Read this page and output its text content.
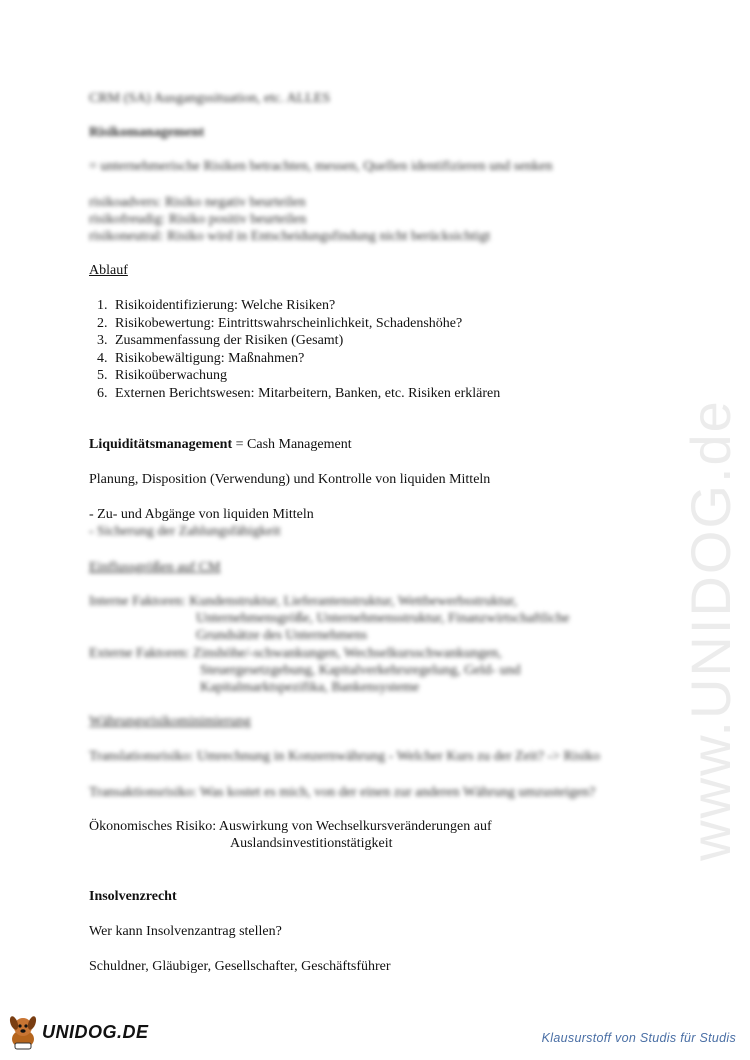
www.UNIDOG.de
CRM (SA) Ausgangssituation, etc. ALLES
Risikomanagement
= unternehmerische Risiken betrachten, messen, Quellen identifizieren und senken
risikoadvers: Risiko negativ beurteilen
risikofreudig: Risiko positiv beurteilen
risikoneutral: Risiko wird in Entscheidungsfindung nicht berücksichtigt
Ablauf
1. Risikoidentifizierung: Welche Risiken?
2. Risikobewertung: Eintrittswahrscheinlichkeit, Schadenshöhe?
3. Zusammenfassung der Risiken (Gesamt)
4. Risikobewältigung: Maßnahmen?
5. Risikoüberwachung
6. Externen Berichtswesen: Mitarbeitern, Banken, etc. Risiken erklären
Liquiditätsmanagement = Cash Management
Planung, Disposition (Verwendung) und Kontrolle von liquiden Mitteln
- Zu- und Abgänge von liquiden Mitteln
- Sicherung der Zahlungsfähigkeit
Einflussgrößen auf CM
Interne Faktoren: Kundenstruktur, Lieferantenstruktur, Wettbewerbsstruktur,
Unternehmensgröße, Unternehmensstruktur, Finanzwirtschaftliche
Grundsätze des Unternehmens
Externe Faktoren: Zinshöhe/-schwankungen, Wechselkursschwankungen,
Steuergesetzgebung, Kapitalverkehrsregelung, Geld- und
Kapitalmarktspezifika, Bankensysteme
Währungsrisikominimierung
Translationsrisiko: Umrechnung in Konzernwährung - Welcher Kurs zu der Zeit? -> Risiko
Transaktionsrisiko: Was kostet es mich, von der einen zur anderen Währung umzusteigen?
Ökonomisches Risiko: Auswirkung von Wechselkursveränderungen auf
Auslandsinvestitionstätigkeit
Insolvenzrecht
Wer kann Insolvenzantrag stellen?
Schuldner, Gläubiger, Gesellschafter, Geschäftsführer
UNIDOG.DE	Klausurstoff von Studis für Studis
